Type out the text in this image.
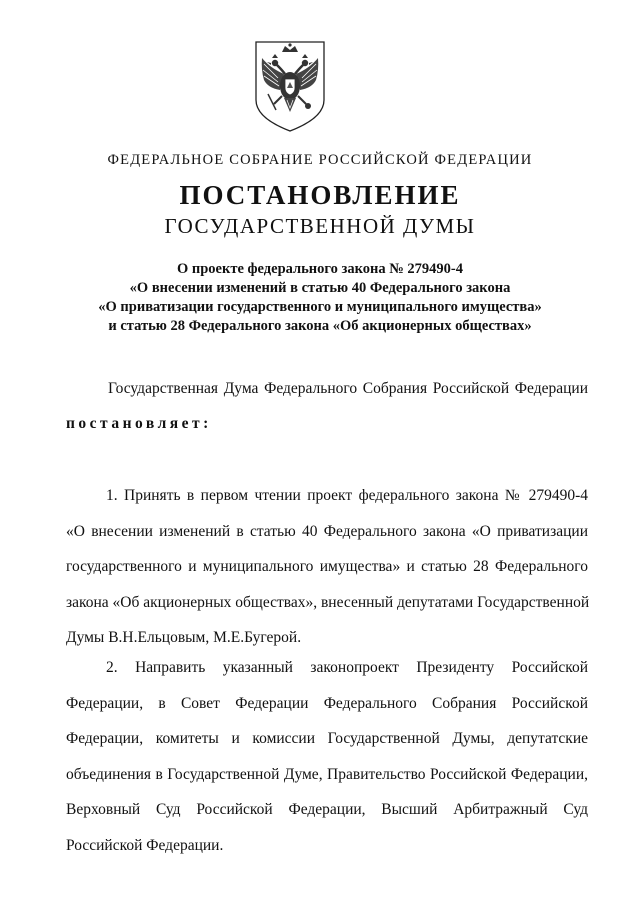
ФЕДЕРАЛЬНОЕ СОБРАНИЕ РОССИЙСКОЙ ФЕДЕРАЦИИ
ПОСТАНОВЛЕНИЕ
ГОСУДАРСТВЕННОЙ ДУМЫ
О проекте федерального закона № 279490-4
«О внесении изменений в статью 40 Федерального закона
«О приватизации государственного и муниципального имущества»
и статью 28 Федерального закона «Об акционерных обществах»
Государственная Дума Федерального Собрания Российской Федерации
постановляет:
1. Принять в первом чтении проект федерального закона № 279490-4
«О внесении изменений в статью 40 Федерального закона «О приватизации
государственного и муниципального имущества» и статью 28 Федерального
закона «Об акционерных обществах», внесенный депутатами Государственной
Думы В.Н.Ельцовым, М.Е.Бугерой.
2. Направить указанный законопроект Президенту Российской
Федерации, в Совет Федерации Федерального Собрания Российской
Федерации, комитеты и комиссии Государственной Думы, депутатские
объединения в Государственной Думе, Правительство Российской Федерации,
Верховный Суд Российской Федерации, Высший Арбитражный Суд
Российской Федерации.
